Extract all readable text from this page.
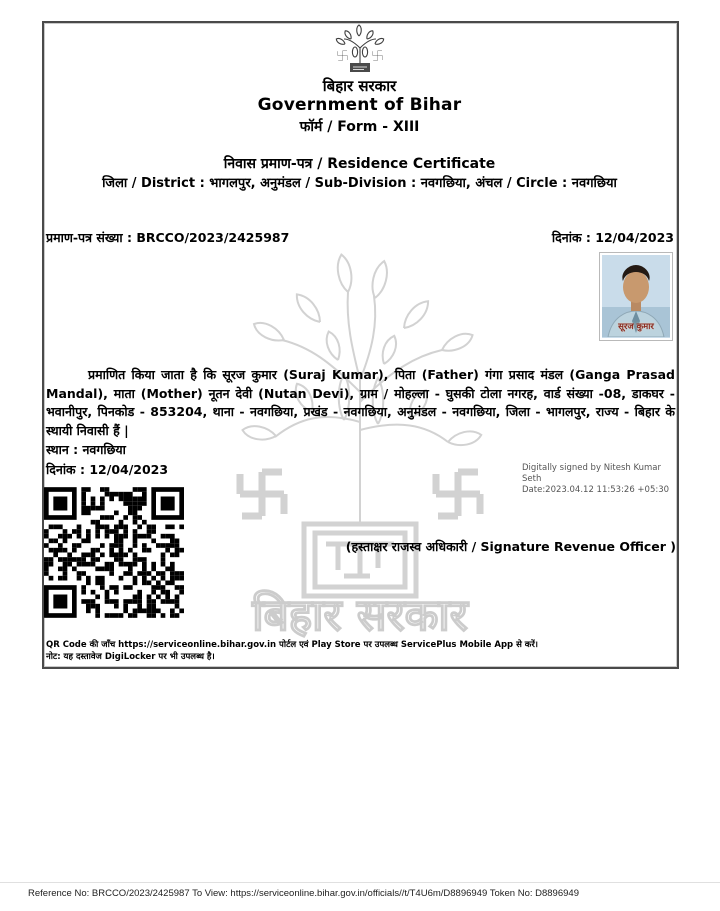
बिहार सरकार
बिहार सरकार
Government of Bihar
फॉर्म / Form - XIII
निवास प्रमाण-पत्र / Residence Certificate
जिला / District : भागलपुर, अनुमंडल / Sub-Division : नवगछिया, अंचल / Circle : नवगछिया
प्रमाण-पत्र संख्या : BRCCO/2023/2425987	दिनांक : 12/04/2023
सूरज कुमार
प्रमाणित किया जाता है कि सूरज कुमार (Suraj Kumar), पिता (Father) गंगा प्रसाद मंडल (Ganga Prasad Mandal), माता (Mother) नूतन देवी (Nutan Devi), ग्राम / मोहल्ला - घुसकी टोला नगरह, वार्ड संख्या -08, डाकघर - भवानीपुर, पिनकोड - 853204, थाना - नवगछिया, प्रखंड - नवगछिया, अनुमंडल - नवगछिया, जिला - भागलपुर, राज्य - बिहार के स्थायी निवासी हैं |
स्थान : नवगछिया
दिनांक : 12/04/2023	Digitally signed by Nitesh Kumar Seth
Date:2023.04.12 11:53:26 +05:30
(हस्ताक्षर राजस्व अधिकारी / Signature Revenue Officer )
QR Code की जाँच https://serviceonline.bihar.gov.in पोर्टल एवं Play Store पर उपलब्ध ServicePlus Mobile App से करें।
नोट: यह दस्तावेज DigiLocker पर भी उपलब्ध है।
Reference No: BRCCO/2023/2425987 To View: https://serviceonline.bihar.gov.in/officials//t/T4U6m/D8896949 Token No: D8896949
